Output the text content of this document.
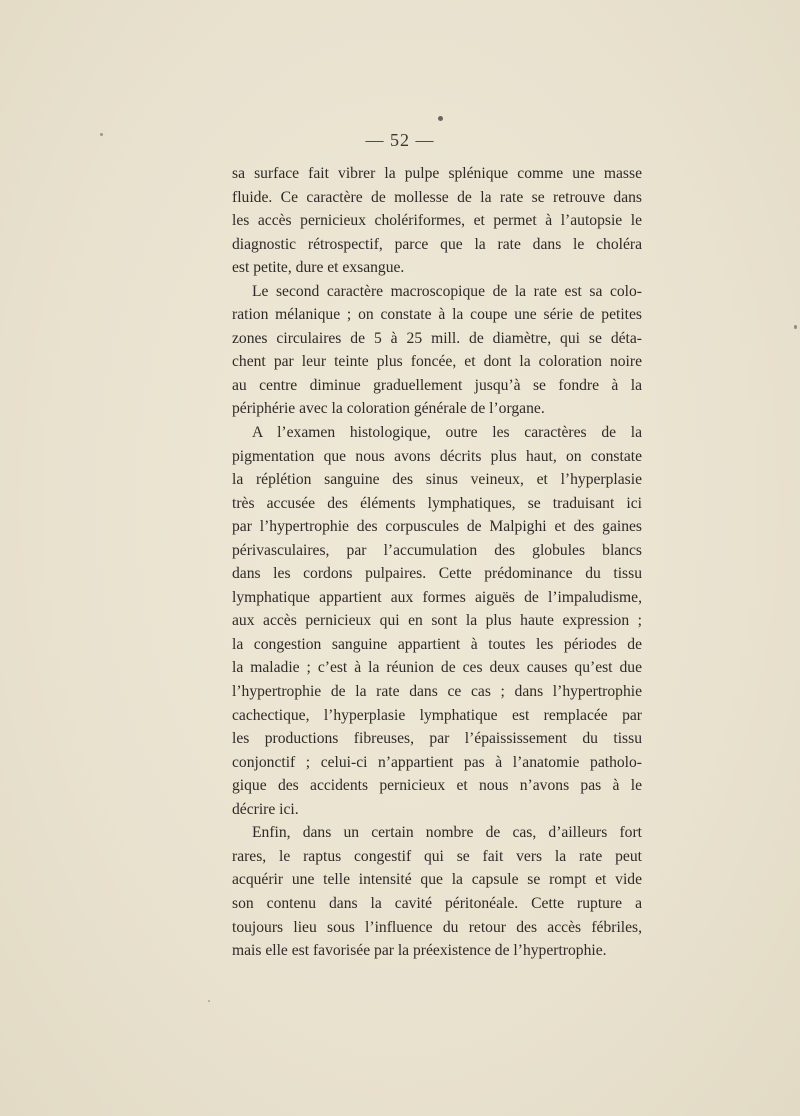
— 52 —
sa surface fait vibrer la pulpe splénique comme une masse
fluide. Ce caractère de mollesse de la rate se retrouve dans
les accès pernicieux cholériformes, et permet à l’autopsie le
diagnostic rétrospectif, parce que la rate dans le choléra
est petite, dure et exsangue.
Le second caractère macroscopique de la rate est sa colo-
ration mélanique ; on constate à la coupe une série de petites
zones circulaires de 5 à 25 mill. de diamètre, qui se déta-
chent par leur teinte plus foncée, et dont la coloration noire
au centre diminue graduellement jusqu’à se fondre à la
périphérie avec la coloration générale de l’organe.
A l’examen histologique, outre les caractères de la
pigmentation que nous avons décrits plus haut, on constate
la réplétion sanguine des sinus veineux, et l’hyperplasie
très accusée des éléments lymphatiques, se traduisant ici
par l’hypertrophie des corpuscules de Malpighi et des gaines
périvasculaires, par l’accumulation des globules blancs
dans les cordons pulpaires. Cette prédominance du tissu
lymphatique appartient aux formes aiguës de l’impaludisme,
aux accès pernicieux qui en sont la plus haute expression ;
la congestion sanguine appartient à toutes les périodes de
la maladie ; c’est à la réunion de ces deux causes qu’est due
l’hypertrophie de la rate dans ce cas ; dans l’hypertrophie
cachectique, l’hyperplasie lymphatique est remplacée par
les productions fibreuses, par l’épaississement du tissu
conjonctif ; celui-ci n’appartient pas à l’anatomie patholo-
gique des accidents pernicieux et nous n’avons pas à le
décrire ici.
Enfin, dans un certain nombre de cas, d’ailleurs fort
rares, le raptus congestif qui se fait vers la rate peut
acquérir une telle intensité que la capsule se rompt et vide
son contenu dans la cavité péritonéale. Cette rupture a
toujours lieu sous l’influence du retour des accès fébriles,
mais elle est favorisée par la préexistence de l’hypertrophie.
